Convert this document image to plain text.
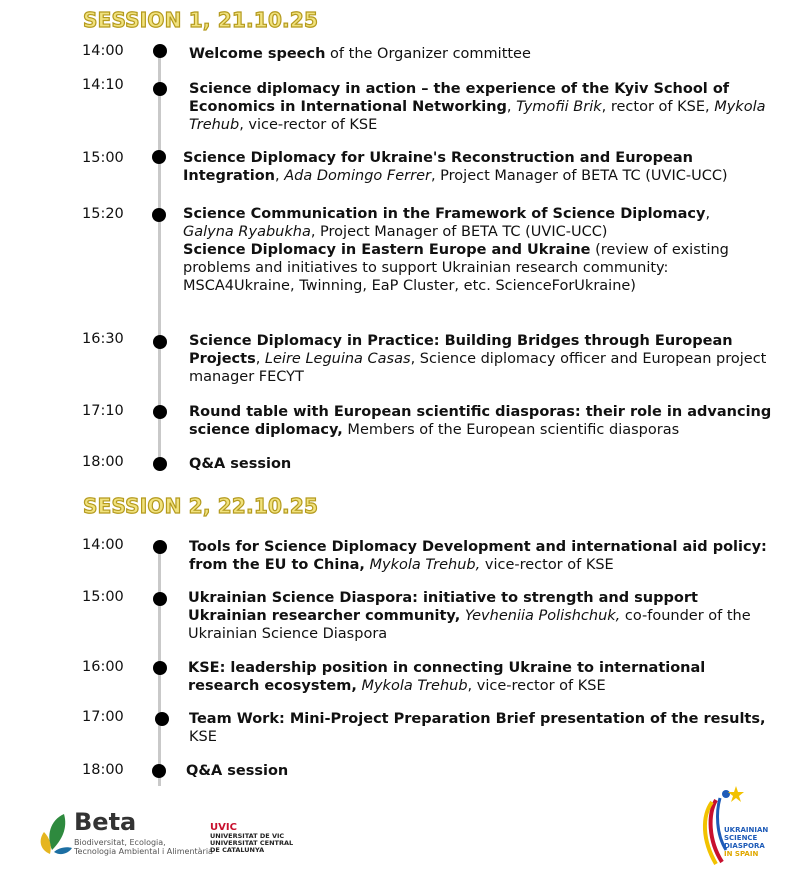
SESSION 1, 21.10.25
14:00	Welcome speech of the Organizer committee
14:10	Science diplomacy in action – the experience of the Kyiv School of Economics in International Networking, Tymofii Brik, rector of KSE, Mykola Trehub, vice-rector of KSE
15:00	Science Diplomacy for Ukraine's Reconstruction and European Integration, Ada Domingo Ferrer, Project Manager of BETA TC (UVIC-UCC)
15:20	Science Communication in the Framework of Science Diplomacy,
Galyna Ryabukha, Project Manager of BETA TC (UVIC-UCC)
Science Diplomacy in Eastern Europe and Ukraine (review of existing problems and initiatives to support Ukrainian research community: MSCA4Ukraine, Twinning, EaP Cluster, etc. ScienceForUkraine)
16:30	Science Diplomacy in Practice: Building Bridges through European Projects, Leire Leguina Casas, Science diplomacy officer and European project manager FECYT
17:10	Round table with European scientific diasporas: their role in advancing science diplomacy, Members of the European scientific diasporas
18:00	Q&A session
SESSION 2, 22.10.25
14:00	Tools for Science Diplomacy Development and international aid policy: from the EU to China, Mykola Trehub, vice-rector of KSE
15:00	Ukrainian Science Diaspora: initiative to strength and support Ukrainian researcher community, Yevheniia Polishchuk, co-founder of the Ukrainian Science Diaspora
16:00	KSE: leadership position in connecting Ukraine to international research ecosystem, Mykola Trehub, vice-rector of KSE
17:00	Team Work: Mini-Project Preparation Brief presentation of the results, KSE
18:00	Q&A session
Beta
Biodiversitat, Ecologia,
Tecnologia Ambiental i Alimentària
UVIC
UNIVERSITAT DE VIC
UNIVERSITAT CENTRAL
DE CATALUNYA
UKRAINIAN
SCIENCE
DIASPORA
IN SPAIN
